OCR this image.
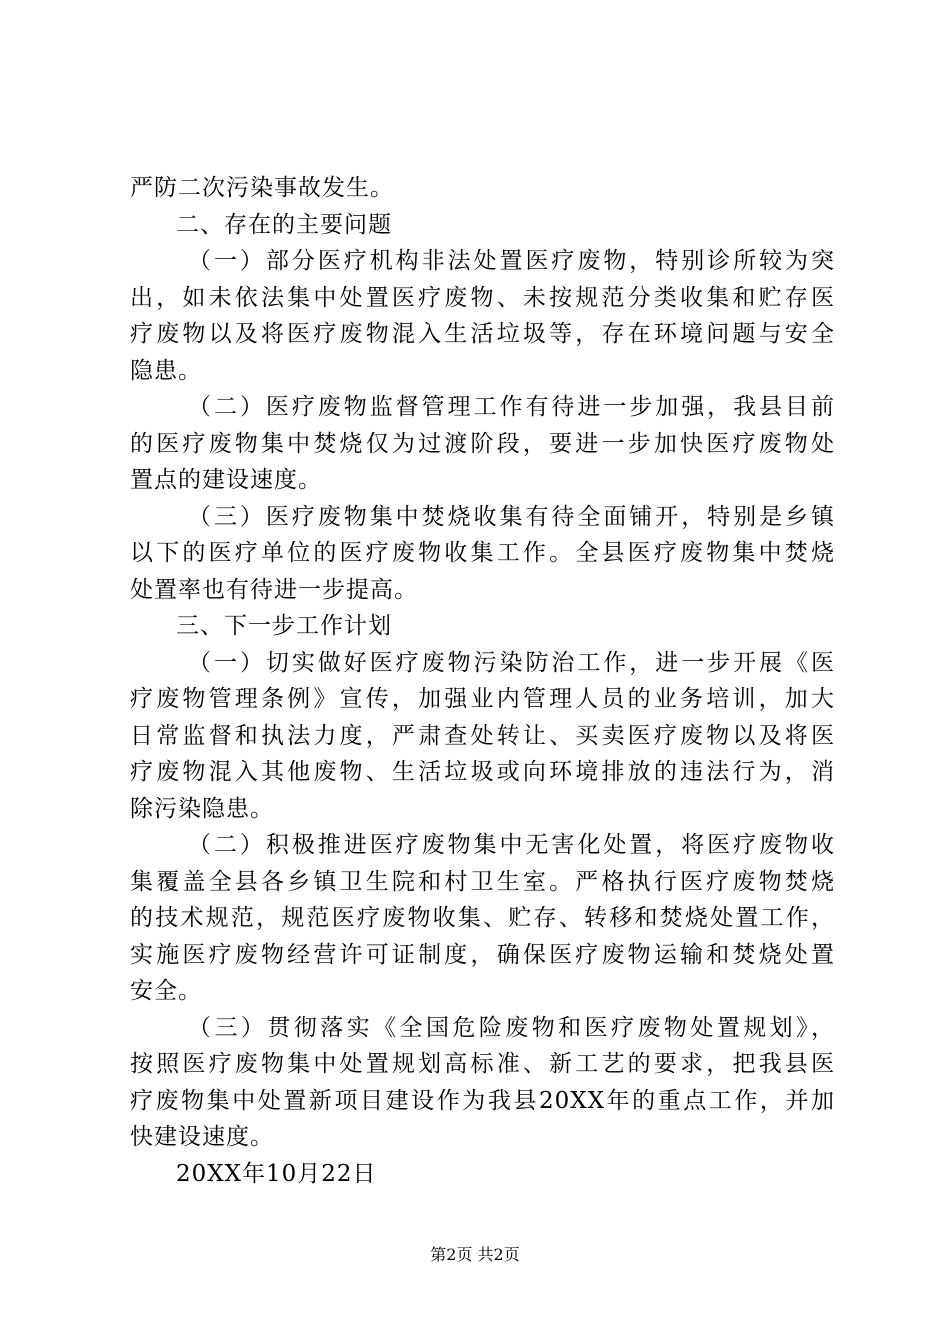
严防二次污染事故发生。
二、存在的主要问题
（一）部分医疗机构非法处置医疗废物，特别诊所较为突
出，如未依法集中处置医疗废物、未按规范分类收集和贮存医
疗废物以及将医疗废物混入生活垃圾等，存在环境问题与安全
隐患。
（二）医疗废物监督管理工作有待进一步加强，我县目前
的医疗废物集中焚烧仅为过渡阶段，要进一步加快医疗废物处
置点的建设速度。
（三）医疗废物集中焚烧收集有待全面铺开，特别是乡镇
以下的医疗单位的医疗废物收集工作。全县医疗废物集中焚烧
处置率也有待进一步提高。
三、下一步工作计划
（一）切实做好医疗废物污染防治工作，进一步开展《医
疗废物管理条例》宣传，加强业内管理人员的业务培训，加大
日常监督和执法力度，严肃查处转让、买卖医疗废物以及将医
疗废物混入其他废物、生活垃圾或向环境排放的违法行为，消
除污染隐患。
（二）积极推进医疗废物集中无害化处置，将医疗废物收
集覆盖全县各乡镇卫生院和村卫生室。严格执行医疗废物焚烧
的技术规范，规范医疗废物收集、贮存、转移和焚烧处置工作，
实施医疗废物经营许可证制度，确保医疗废物运输和焚烧处置
安全。
（三）贯彻落实《全国危险废物和医疗废物处置规划》，
按照医疗废物集中处置规划高标准、新工艺的要求，把我县医
疗废物集中处置新项目建设作为我县20XX年的重点工作，并加
快建设速度。
20XX年10月22日
第2页 共2页
